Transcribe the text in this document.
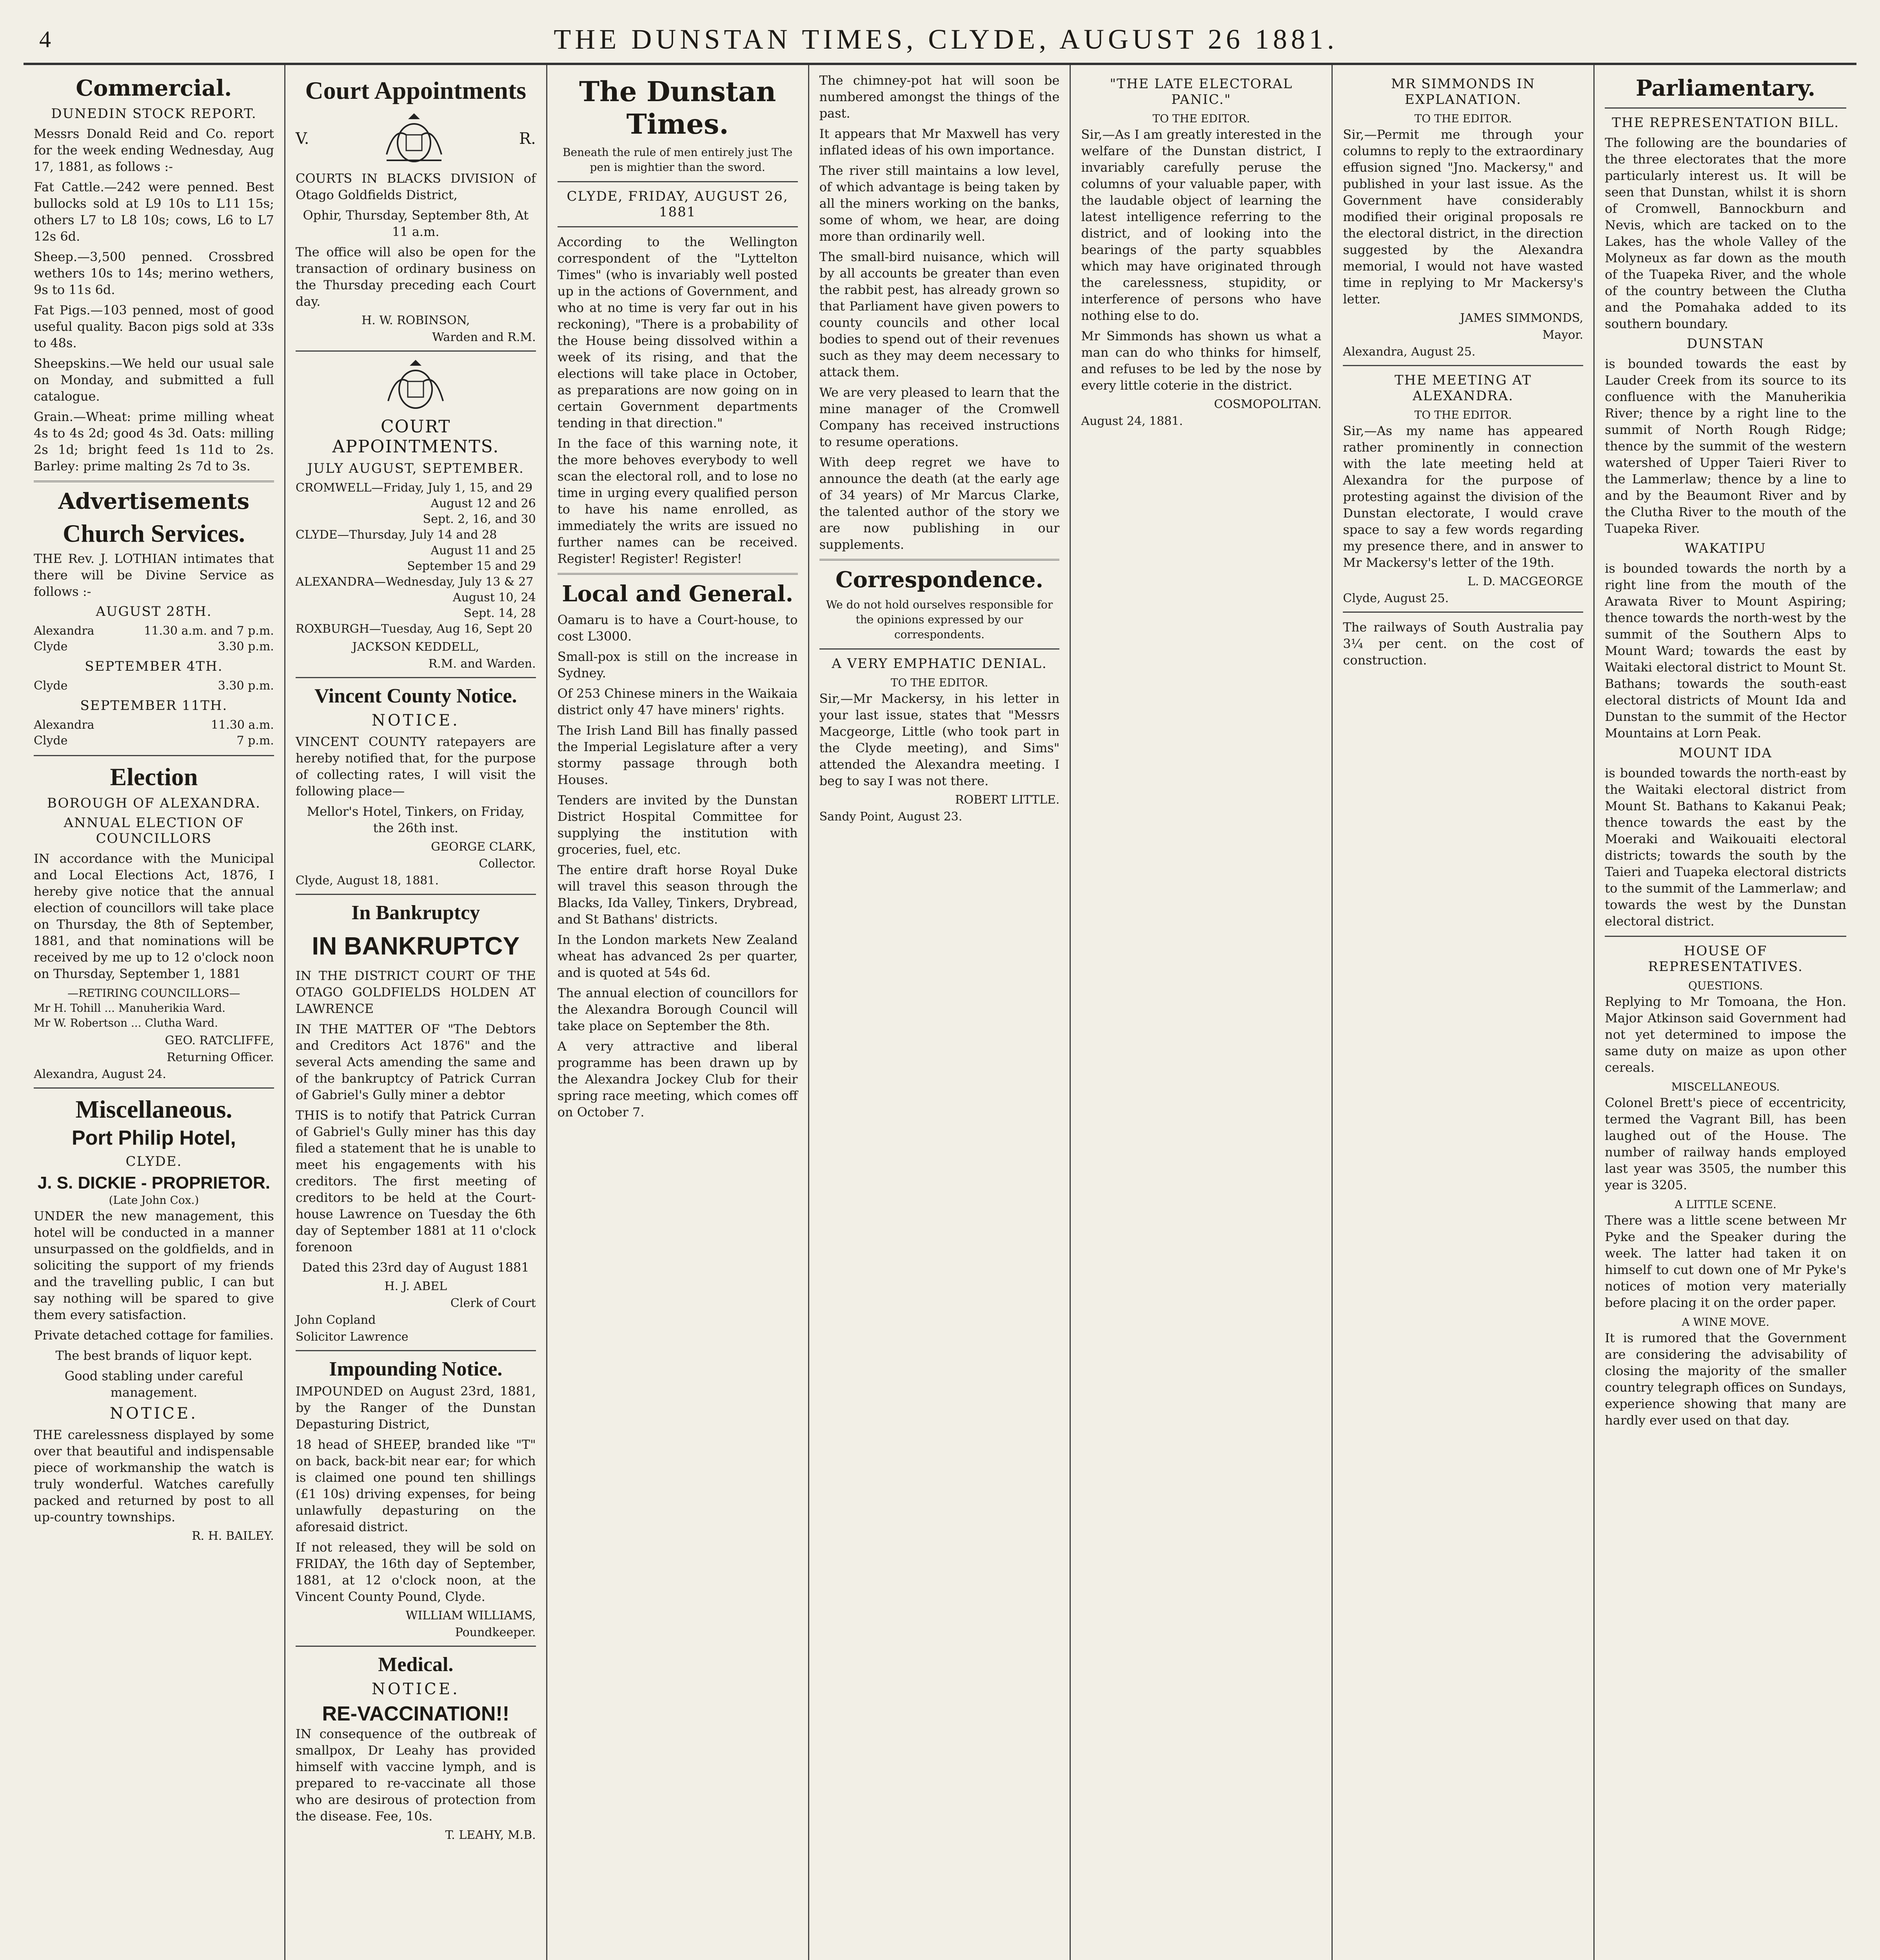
4	THE DUNSTAN TIMES, CLYDE, AUGUST 26 1881.
Commercial.
DUNEDIN STOCK REPORT.

Messrs Donald Reid and Co. report for the week ending Wednesday, Aug 17, 1881, as follows :-

Fat Cattle.—242 were penned. Best bullocks sold at L9 10s to L11 15s; others L7 to L8 10s; cows, L6 to L7 12s 6d.

Sheep.—3,500 penned. Crossbred wethers 10s to 14s; merino wethers, 9s to 11s 6d.

Fat Pigs.—103 penned, most of good useful quality. Bacon pigs sold at 33s to 48s.

Sheepskins.—We held our usual sale on Monday, and submitted a full catalogue.

Grain.—Wheat: prime milling wheat 4s to 4s 2d; good 4s 3d. Oats: milling 2s 1d; bright feed 1s 11d to 2s. Barley: prime malting 2s 7d to 3s.

Advertisements
Church Services.

THE Rev. J. LOTHIAN intimates that there will be Divine Service as follows :-

AUGUST 28TH.
Alexandra	11.30 a.m. and 7 p.m.
Clyde	3.30 p.m.
SEPTEMBER 4TH.
Clyde	3.30 p.m.
SEPTEMBER 11TH.
Alexandra	11.30 a.m.
Clyde	7 p.m.
Election
BOROUGH OF ALEXANDRA.
ANNUAL ELECTION OF COUNCILLORS

IN accordance with the Municipal and Local Elections Act, 1876, I hereby give notice that the annual election of councillors will take place on Thursday, the 8th of September, 1881, and that nominations will be received by me up to 12 o'clock noon on Thursday, September 1, 1881

—RETIRING COUNCILLORS—
Mr H. Tohill ... Manuherikia Ward.
Mr W. Robertson ... Clutha Ward.
GEO. RATCLIFFE,
Returning Officer.
Alexandra, August 24.
Miscellaneous.
Port Philip Hotel,
CLYDE.
J. S. DICKIE - PROPRIETOR.
(Late John Cox.)

UNDER the new management, this hotel will be conducted in a manner unsurpassed on the goldfields, and in soliciting the support of my friends and the travelling public, I can but say nothing will be spared to give them every satisfaction.

Private detached cottage for families.
The best brands of liquor kept.
Good stabling under careful management.
NOTICE.

THE carelessness displayed by some over that beautiful and indispensable piece of workmanship the watch is truly wonderful. Watches carefully packed and returned by post to all up-country townships.

R. H. BAILEY.
Court Appointments
V.	R.

COURTS IN BLACKS DIVISION of Otago Goldfields District,

Ophir, Thursday, September 8th, At 11 a.m.

The office will also be open for the transaction of ordinary business on the Thursday preceding each Court day.

H. W. ROBINSON,
Warden and R.M.
COURT APPOINTMENTS.
JULY AUGUST, SEPTEMBER.
CROMWELL—Friday, July 1, 15, and 29
August 12 and 26
Sept. 2, 16, and 30
CLYDE—Thursday, July 14 and 28
August 11 and 25
September 15 and 29
ALEXANDRA—Wednesday, July 13 & 27
August 10, 24
Sept. 14, 28
ROXBURGH—Tuesday, Aug 16, Sept 20
JACKSON KEDDELL,
R.M. and Warden.
Vincent County Notice.
NOTICE.

VINCENT COUNTY ratepayers are hereby notified that, for the purpose of collecting rates, I will visit the following place—

Mellor's Hotel, Tinkers, on Friday, the 26th inst.
GEORGE CLARK,
Collector.
Clyde, August 18, 1881.
In Bankruptcy
IN BANKRUPTCY

IN THE DISTRICT COURT OF THE OTAGO GOLDFIELDS HOLDEN AT LAWRENCE

IN THE MATTER OF "The Debtors and Creditors Act 1876" and the several Acts amending the same and of the bankruptcy of Patrick Curran of Gabriel's Gully miner a debtor

THIS is to notify that Patrick Curran of Gabriel's Gully miner has this day filed a statement that he is unable to meet his engagements with his creditors. The first meeting of creditors to be held at the Court-house Lawrence on Tuesday the 6th day of September 1881 at 11 o'clock forenoon

Dated this 23rd day of August 1881
H. J. ABEL
Clerk of Court
John Copland
Solicitor Lawrence
Impounding Notice.

IMPOUNDED on August 23rd, 1881, by the Ranger of the Dunstan Depasturing District,

18 head of SHEEP, branded like "T" on back, back-bit near ear; for which is claimed one pound ten shillings (£1 10s) driving expenses, for being unlawfully depasturing on the aforesaid district.

If not released, they will be sold on FRIDAY, the 16th day of September, 1881, at 12 o'clock noon, at the Vincent County Pound, Clyde.

WILLIAM WILLIAMS,
Poundkeeper.
Medical.
NOTICE.
RE-VACCINATION!!

IN consequence of the outbreak of smallpox, Dr Leahy has provided himself with vaccine lymph, and is prepared to re-vaccinate all those who are desirous of protection from the disease. Fee, 10s.

T. LEAHY, M.B.
The Dunstan Times.
Beneath the rule of men entirely just The pen is mightier than the sword.
CLYDE, FRIDAY, AUGUST 26, 1881

According to the Wellington correspondent of the "Lyttelton Times" (who is invariably well posted up in the actions of Government, and who at no time is very far out in his reckoning), "There is a probability of the House being dissolved within a week of its rising, and that the elections will take place in October, as preparations are now going on in certain Government departments tending in that direction."

In the face of this warning note, it the more behoves everybody to well scan the electoral roll, and to lose no time in urging every qualified person to have his name enrolled, as immediately the writs are issued no further names can be received. Register! Register! Register!

Local and General.

Oamaru is to have a Court-house, to cost L3000.

Small-pox is still on the increase in Sydney.

Of 253 Chinese miners in the Waikaia district only 47 have miners' rights.

The Irish Land Bill has finally passed the Imperial Legislature after a very stormy passage through both Houses.

Tenders are invited by the Dunstan District Hospital Committee for supplying the institution with groceries, fuel, etc.

The entire draft horse Royal Duke will travel this season through the Blacks, Ida Valley, Tinkers, Drybread, and St Bathans' districts.

In the London markets New Zealand wheat has advanced 2s per quarter, and is quoted at 54s 6d.

The annual election of councillors for the Alexandra Borough Council will take place on September the 8th.

A very attractive and liberal programme has been drawn up by the Alexandra Jockey Club for their spring race meeting, which comes off on October 7.

The chimney-pot hat will soon be numbered amongst the things of the past.

It appears that Mr Maxwell has very inflated ideas of his own importance.

The river still maintains a low level, of which advantage is being taken by all the miners working on the banks, some of whom, we hear, are doing more than ordinarily well.

The small-bird nuisance, which will by all accounts be greater than even the rabbit pest, has already grown so that Parliament have given powers to county councils and other local bodies to spend out of their revenues such as they may deem necessary to attack them.

We are very pleased to learn that the mine manager of the Cromwell Company has received instructions to resume operations.

With deep regret we have to announce the death (at the early age of 34 years) of Mr Marcus Clarke, the talented author of the story we are now publishing in our supplements.

Correspondence.
We do not hold ourselves responsible for the opinions expressed by our correspondents.
A VERY EMPHATIC DENIAL.
TO THE EDITOR.

Sir,—Mr Mackersy, in his letter in your last issue, states that "Messrs Macgeorge, Little (who took part in the Clyde meeting), and Sims" attended the Alexandra meeting. I beg to say I was not there.

ROBERT LITTLE.
Sandy Point, August 23.
"THE LATE ELECTORAL PANIC."
TO THE EDITOR.

Sir,—As I am greatly interested in the welfare of the Dunstan district, I invariably carefully peruse the columns of your valuable paper, with the laudable object of learning the latest intelligence referring to the district, and of looking into the bearings of the party squabbles which may have originated through the carelessness, stupidity, or interference of persons who have nothing else to do.

Mr Simmonds has shown us what a man can do who thinks for himself, and refuses to be led by the nose by every little coterie in the district.

COSMOPOLITAN.
August 24, 1881.
MR SIMMONDS IN EXPLANATION.
TO THE EDITOR.

Sir,—Permit me through your columns to reply to the extraordinary effusion signed "Jno. Mackersy," and published in your last issue. As the Government have considerably modified their original proposals re the electoral district, in the direction suggested by the Alexandra memorial, I would not have wasted time in replying to Mr Mackersy's letter.

JAMES SIMMONDS,
Mayor.
Alexandra, August 25.
THE MEETING AT ALEXANDRA.
TO THE EDITOR.

Sir,—As my name has appeared rather prominently in connection with the late meeting held at Alexandra for the purpose of protesting against the division of the Dunstan electorate, I would crave space to say a few words regarding my presence there, and in answer to Mr Mackersy's letter of the 19th.

L. D. MACGEORGE
Clyde, August 25.

The railways of South Australia pay 3¼ per cent. on the cost of construction.

Parliamentary.
THE REPRESENTATION BILL.

The following are the boundaries of the three electorates that the more particularly interest us. It will be seen that Dunstan, whilst it is shorn of Cromwell, Bannockburn and Nevis, which are tacked on to the Lakes, has the whole Valley of the Molyneux as far down as the mouth of the Tuapeka River, and the whole of the country between the Clutha and the Pomahaka added to its southern boundary.

DUNSTAN

is bounded towards the east by Lauder Creek from its source to its confluence with the Manuherikia River; thence by a right line to the summit of North Rough Ridge; thence by the summit of the western watershed of Upper Taieri River to the Lammerlaw; thence by a line to and by the Beaumont River and by the Clutha River to the mouth of the Tuapeka River.

WAKATIPU

is bounded towards the north by a right line from the mouth of the Arawata River to Mount Aspiring; thence towards the north-west by the summit of the Southern Alps to Mount Ward; towards the east by Waitaki electoral district to Mount St. Bathans; towards the south-east electoral districts of Mount Ida and Dunstan to the summit of the Hector Mountains at Lorn Peak.

MOUNT IDA

is bounded towards the north-east by the Waitaki electoral district from Mount St. Bathans to Kakanui Peak; thence towards the east by the Moeraki and Waikouaiti electoral districts; towards the south by the Taieri and Tuapeka electoral districts to the summit of the Lammerlaw; and towards the west by the Dunstan electoral district.

HOUSE OF REPRESENTATIVES.
QUESTIONS.

Replying to Mr Tomoana, the Hon. Major Atkinson said Government had not yet determined to impose the same duty on maize as upon other cereals.

MISCELLANEOUS.

Colonel Brett's piece of eccentricity, termed the Vagrant Bill, has been laughed out of the House. The number of railway hands employed last year was 3505, the number this year is 3205.

A LITTLE SCENE.

There was a little scene between Mr Pyke and the Speaker during the week. The latter had taken it on himself to cut down one of Mr Pyke's notices of motion very materially before placing it on the order paper.

A WINE MOVE.

It is rumored that the Government are considering the advisability of closing the majority of the smaller country telegraph offices on Sundays, experience showing that many are hardly ever used on that day.
